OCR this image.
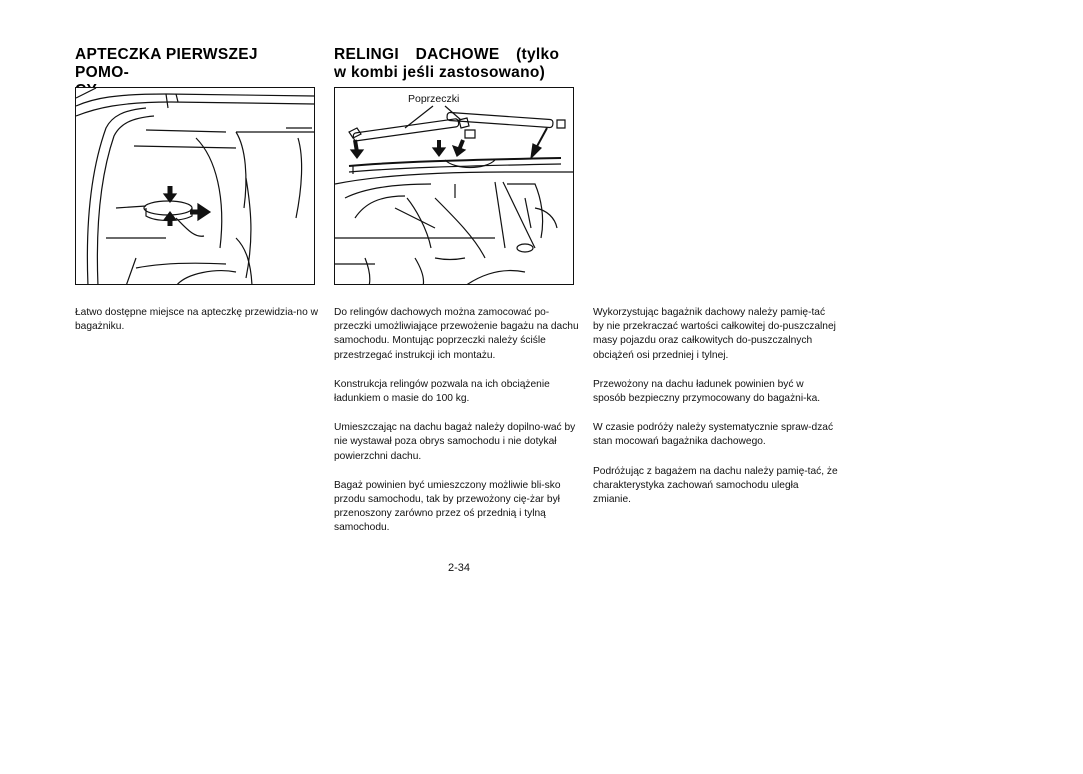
APTECZKA PIERWSZEJ POMO-

Łatwo dostępne miejsce na apteczkę przewidzia-no w bagażniku.

RELINGI DACHOWE (tylko
w kombi jeśli zastosowano)
Poprzeczki

Do relingów dachowych można zamocować po-przeczki umożliwiające przewożenie bagażu na dachu samochodu. Montując poprzeczki należy ściśle przestrzegać instrukcji ich montażu.

Konstrukcja relingów pozwala na ich obciążenie ładunkiem o masie do 100 kg.

Umieszczając na dachu bagaż należy dopilno-wać by nie wystawał poza obrys samochodu i nie dotykał powierzchni dachu.

Bagaż powinien być umieszczony możliwie bli-sko przodu samochodu, tak by przewożony cię-żar był przenoszony zarówno przez oś przednią i tylną samochodu.

Wykorzystując bagażnik dachowy należy pamię-tać by nie przekraczać wartości całkowitej do-puszczalnej masy pojazdu oraz całkowitych do-puszczalnych obciążeń osi przedniej i tylnej.

Przewożony na dachu ładunek powinien być w sposób bezpieczny przymocowany do bagażni-ka.

W czasie podróży należy systematycznie spraw-dzać stan mocowań bagażnika dachowego.

Podróżując z bagażem na dachu należy pamię-tać, że charakterystyka zachowań samochodu uległa zmianie.

2-34
